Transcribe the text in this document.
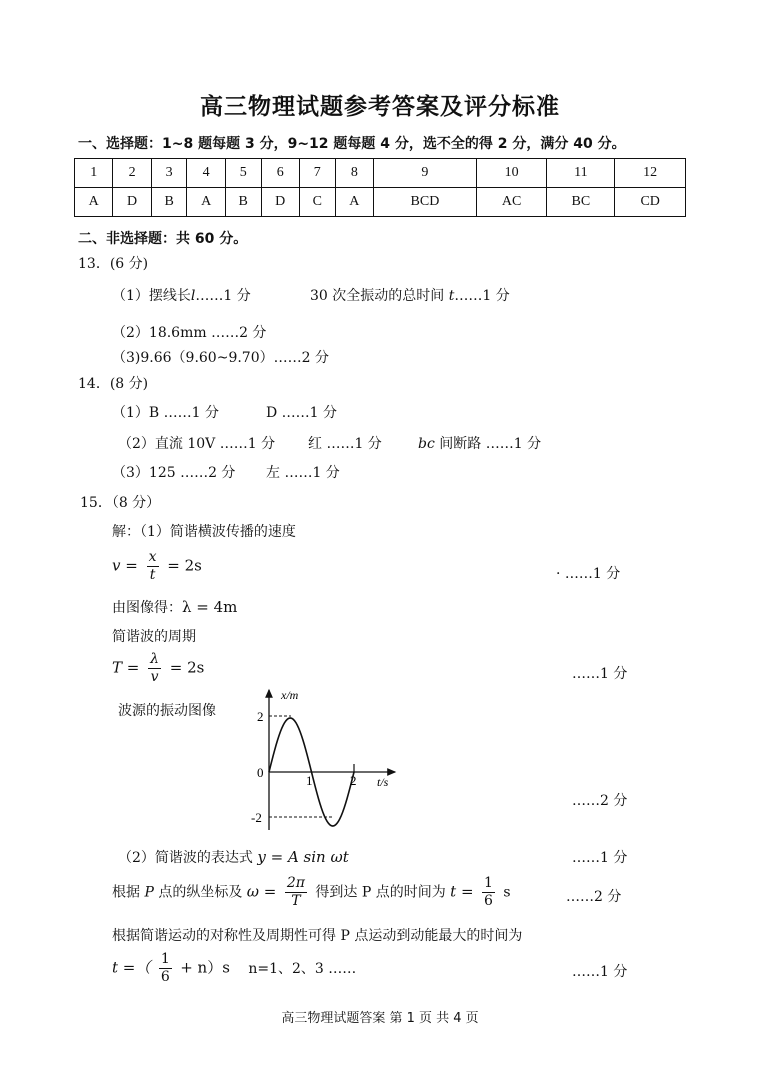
高三物理试题参考答案及评分标准
一、选择题：1~8 题每题 3 分，9~12 题每题 4 分，选不全的得 2 分，满分 40 分。
1	2	3	4	5	6	7	8	9	10	11	12
A	D	B	A	B	D	C	A	BCD	AC	BC	CD
二、非选择题：共 60 分。
13．(6 分)
（1）摆线长l……1 分	30 次全振动的总时间 t……1 分
（2）18.6mm ……2 分
（3)9.66（9.60~9.70）……2 分
14．(8 分)
（1）B ……1 分	D ……1 分
（2）直流 10V ……1 分 红 ……1 分	bc 间断路 ……1 分
（3）125 ……2 分 左 ……1 分
15．（8 分）
解：（1）简谐横波传播的速度
$v = \frac{x}{t} = 2s$	· ……1 分
由图像得：λ = 4m
简谐波的周期
$T = \frac{\lambda}{v} = 2s$	……1 分
波源的振动图像
x/m
t/s
2
-2
0
1	2
……2 分
（2）简谐波的表达式 y = A sin ωt	……1 分
根据 P 点的纵坐标及 $\omega = \frac{2\pi}{T}$ 得到达 P 点的时间为 $t = \frac{1}{6}$ s	……2 分
根据简谐运动的对称性及周期性可得 P 点运动到动能最大的时间为
t =（ $\frac{1}{6} + n)s$ n=1、2、3 ……	……1 分
高三物理试题答案 第 1 页 共 4 页
